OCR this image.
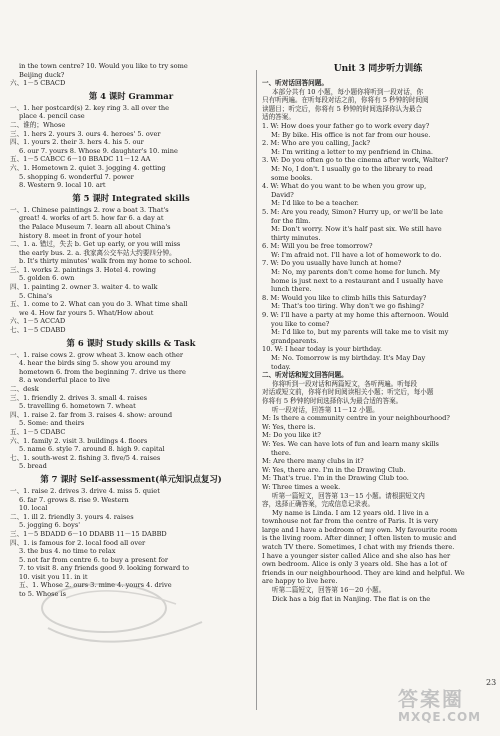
in the town centre? 10. Would you like to try some
Beijing duck?
六、1－5 CBACD
第 4 课时 Grammar
一、1. her postcard(s) 2. key ring 3. all over the
place 4. pencil case
二、谁的；Whose
三、1. hers 2. yours 3. ours 4. heroes' 5. over
四、1. yours 2. their 3. hers 4. his 5. our
6. our 7. yours 8. Whose 9. daughter's 10. mine
五、1－5 CABCC 6－10 BBADC 11－12 AA
六、1. Hometown 2. quiet 3. jogging 4. getting
5. shopping 6. wonderful 7. power
8. Western 9. local 10. art
第 5 课时 Integrated skills
一、1. Chinese paintings 2. row a boat 3. That's
great! 4. works of art 5. how far 6. a day at
the Palace Museum 7. learn all about China's
history 8. meet in front of your hotel
二、1. a. 错过，失去 b. Get up early, or you will miss
the early bus. 2. a. 我家离公交车站大约要四分钟。
b. It's thirty minutes' walk from my home to school.
三、1. works 2. paintings 3. Hotel 4. rowing
5. golden 6. own
四、1. painting 2. owner 3. waiter 4. to walk
5. China's
五、1. come to 2. What can you do 3. What time shall
we 4. How far yours 5. What/How about
六、1－5 ACCAD
七、1－5 CDABD
第 6 课时 Study skills & Task
一、1. raise cows 2. grow wheat 3. know each other
4. hear the birds sing 5. show you around my
hometown 6. from the beginning 7. drive us there
8. a wonderful place to live
二、desk
三、1. friendly 2. drives 3. small 4. raises
5. travelling 6. hometown 7. wheat
四、1. raise 2. far from 3. raises 4. show: around
5. Some: and theirs
五、1－5 CDABC
六、1. family 2. visit 3. buildings 4. floors
5. name 6. style 7. around 8. high 9. capital
七、1. south-west 2. fishing 3. five/5 4. raises
5. bread
第 7 课时 Self-assessment(单元知识点复习)
一、1. raise 2. drives 3. drive 4. miss 5. quiet
6. far 7. grows 8. rise 9. Western
10. local
二、1. ill 2. friendly 3. yours 4. raises
5. jogging 6. boys'
三、1－5 BDADD 6－10 DDABB 11－15 DABBD
四、1. is famous for 2. local food all over
3. the bus 4. no time to relax
5. not far from centre 6. to buy a present for
7. to visit 8. any friends good 9. looking forward to
10. visit you 11. in it
五、1. Whose 2. ours 3. mine 4. yours 4. drive
to 5. Whose is
Unit 3 同步听力训练
一、听对话回答问题。
本部分共有 10 小题，每小题你将听到一段对话，你
只有听两遍。在听每段对话之前，你将有 5 秒钟的时间阅
读题目；听完后，你将有 5 秒钟的时间选择你认为最合
适的答案。
1. W: How does your father go to work every day?
M: By bike. His office is not far from our house.
2. M: Who are you calling, Jack?
M: I'm writing a letter to my penfriend in China.
3. W: Do you often go to the cinema after work, Walter?
M: No, I don't. I usually go to the library to read
some books.
4. W: What do you want to be when you grow up,
David?
M: I'd like to be a teacher.
5. M: Are you ready, Simon? Hurry up, or we'll be late
for the film.
M: Don't worry. Now it's half past six. We still have
thirty minutes.
6. M: Will you be free tomorrow?
W: I'm afraid not. I'll have a lot of homework to do.
7. W: Do you usually have lunch at home?
M: No, my parents don't come home for lunch. My
home is just next to a restaurant and I usually have
lunch there.
8. M: Would you like to climb hills this Saturday?
M: That's too tiring. Why don't we go fishing?
9. W: I'll have a party at my home this afternoon. Would
you like to come?
M: I'd like to, but my parents will take me to visit my
grandparents.
10. W: I hear today is your birthday.
M: No. Tomorrow is my birthday. It's May Day
today.
二、听对话和短文回答问题。
你将听到一段对话和两篇短文，各听两遍。听每段
对话或短文前，你将有时间阅读相关小题；听完后，每小题
你将有 5 秒钟的时间选择你认为最合适的答案。
听一段对话，回答第 11－12 小题。
M: Is there a community centre in your neighbourhood?
W: Yes, there is.
M: Do you like it?
W: Yes. We can have lots of fun and learn many skills
there.
M: Are there many clubs in it?
W: Yes, there are. I'm in the Drawing Club.
M: That's true. I'm in the Drawing Club too.
W: Three times a week.
听第一篇短文，回答第 13－15 小题。请根据短文内
容，选择正确答案，完成信息记录表。
My name is Linda. I am 12 years old. I live in a
townhouse not far from the centre of Paris. It is very
large and I have a bedroom of my own. My favourite room
is the living room. After dinner, I often listen to music and
watch TV there. Sometimes, I chat with my friends there.
I have a younger sister called Alice and she also has her
own bedroom. Alice is only 3 years old. She has a lot of
friends in our neighbourhood. They are kind and helpful. We
are happy to live here.
听第二篇短文，回答第 16－20 小题。
Dick has a big flat in Nanjing. The flat is on the
23
答案圈
MXQE.COM
